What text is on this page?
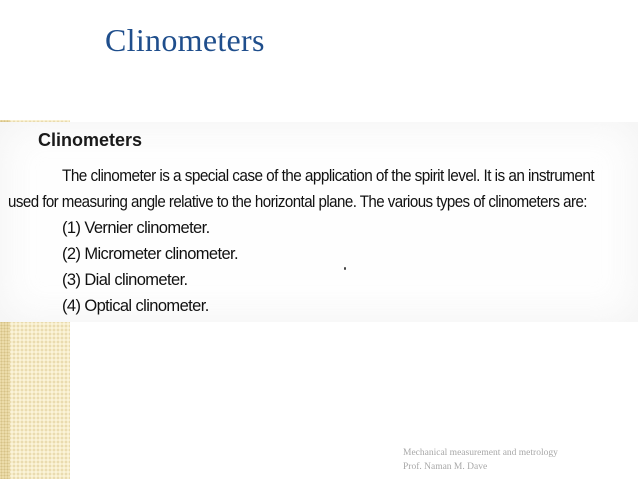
Clinometers
Clinometers

The clinometer is a special case of the application of the spirit level. It is an instrument

used for measuring angle relative to the horizontal plane. The various types of clinometers are:

(1) Vernier clinometer.

(2) Micrometer clinometer.

(3) Dial clinometer.

(4) Optical clinometer.

Mechanical measurement and metrology
Prof. Naman M. Dave
